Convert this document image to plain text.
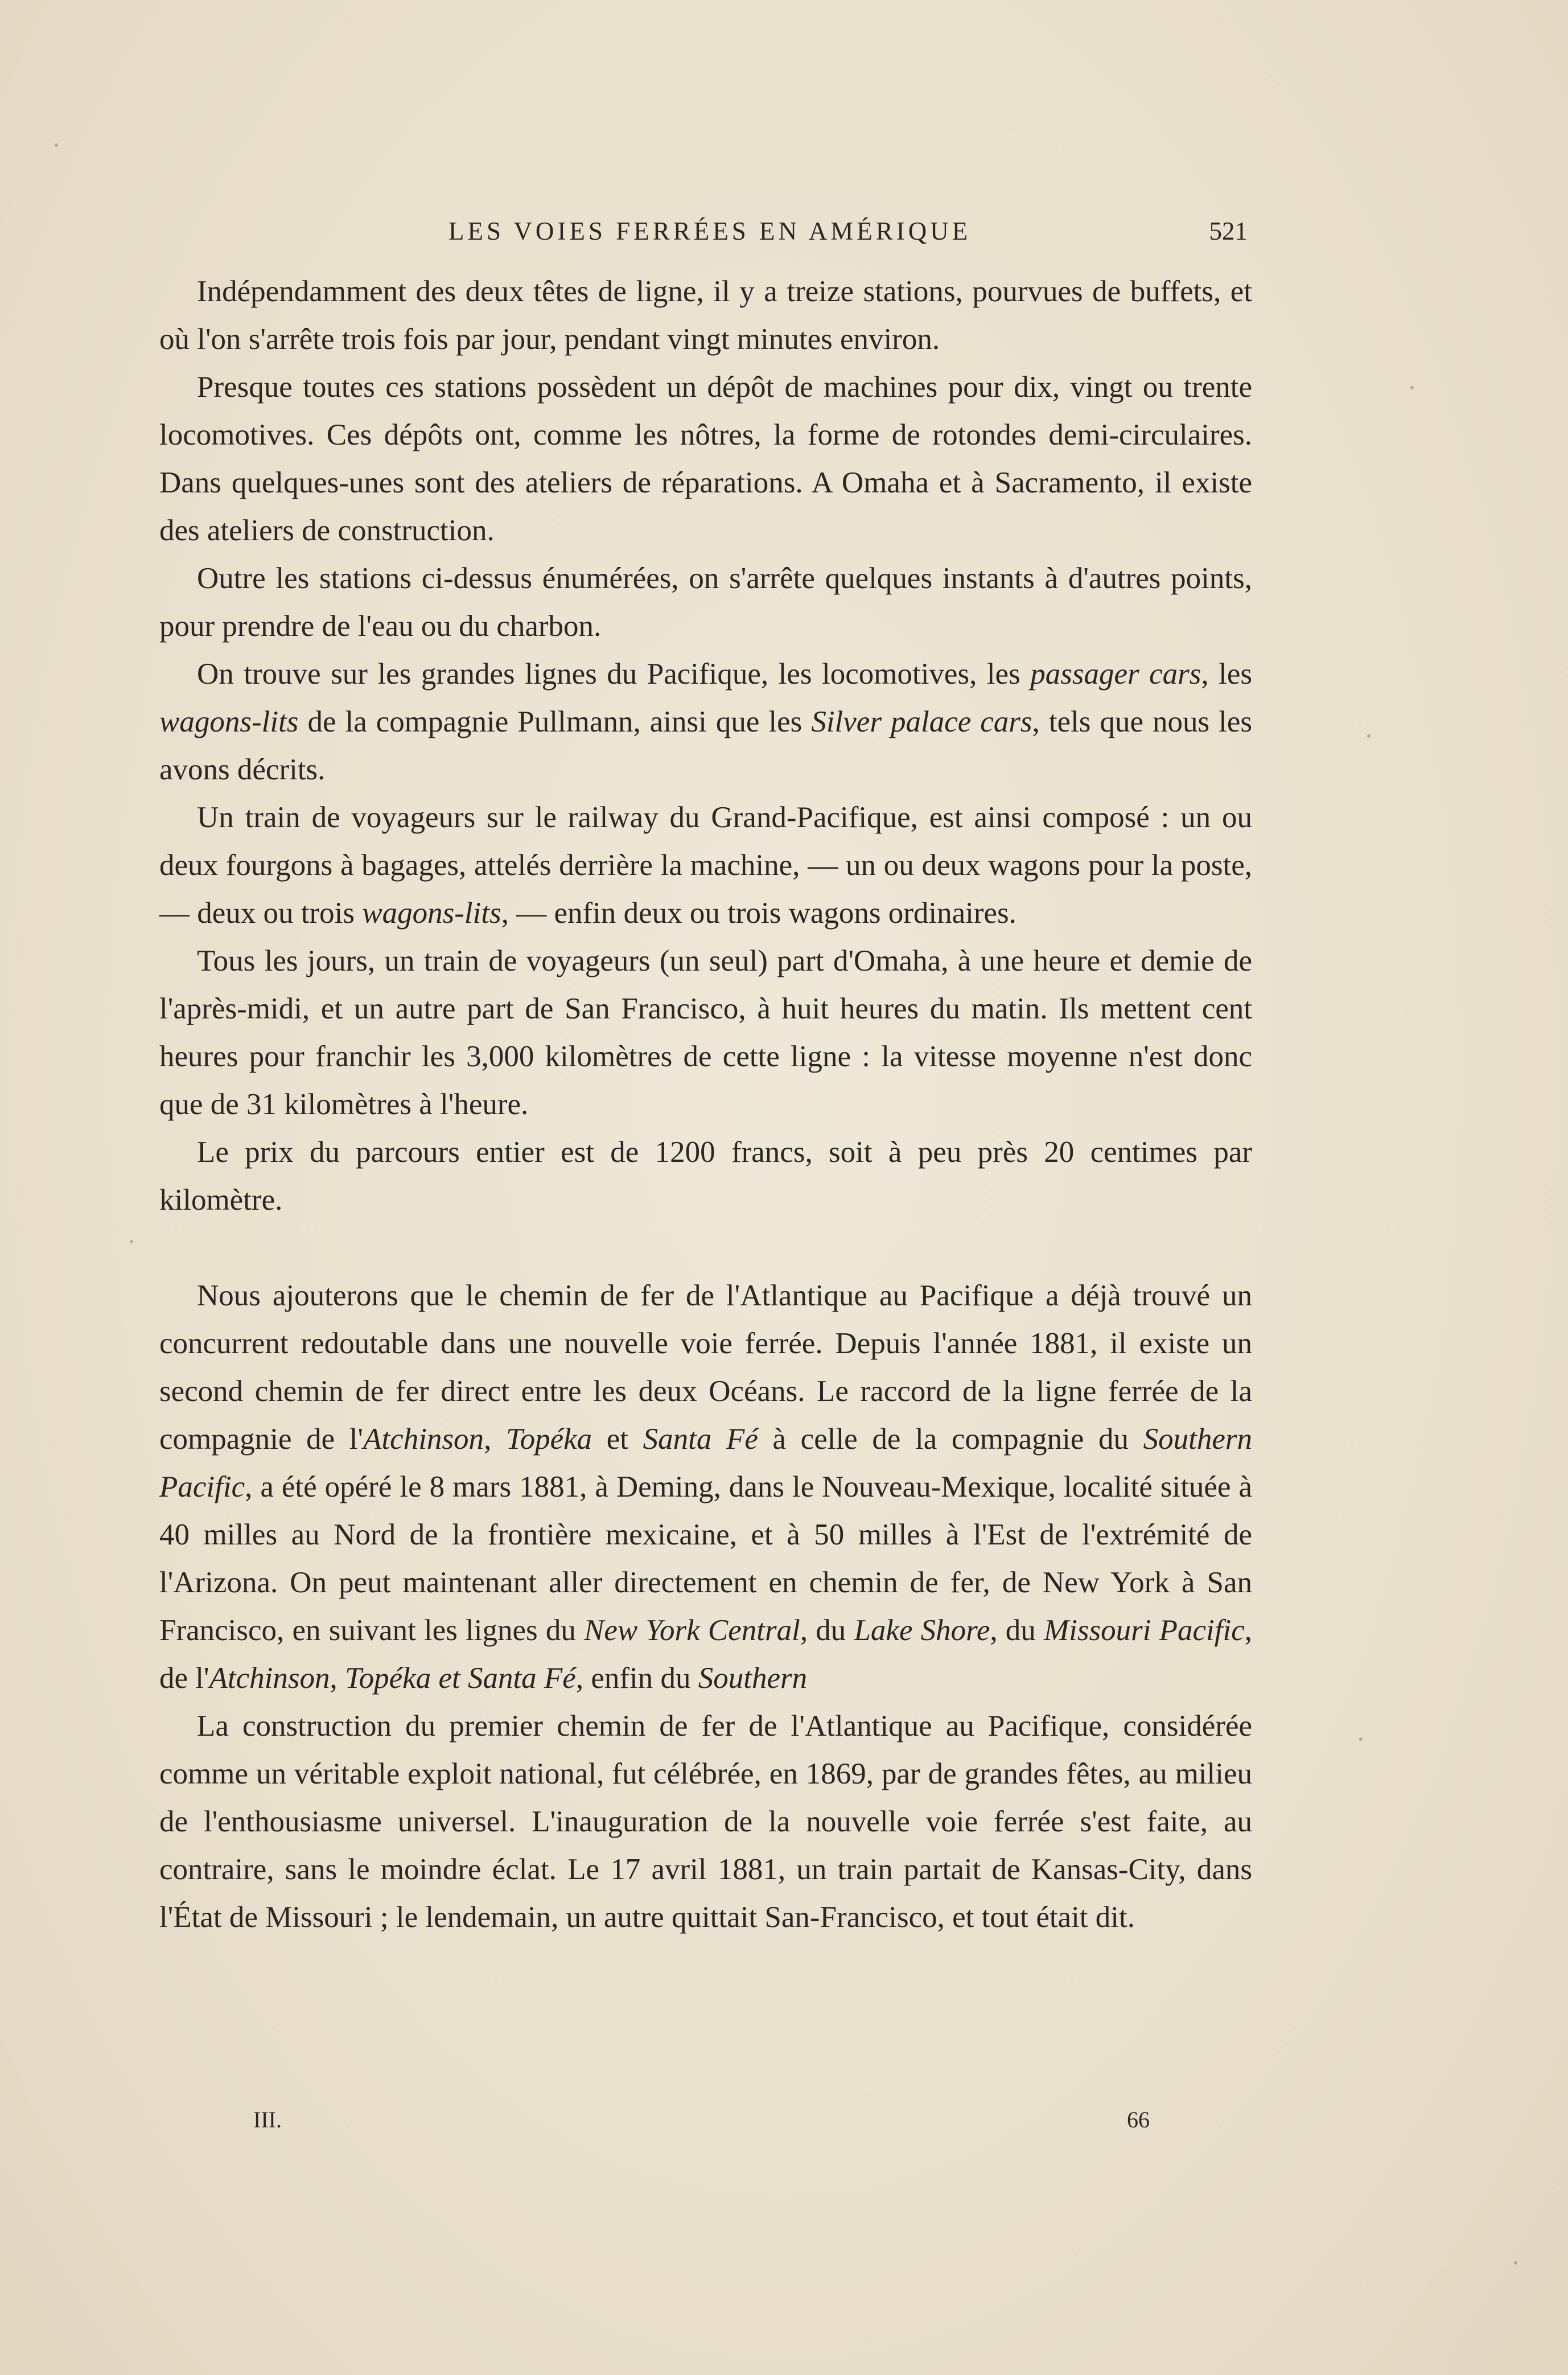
LES VOIES FERRÉES EN AMÉRIQUE	521

Indépendamment des deux têtes de ligne, il y a treize stations, pourvues de buffets, et où l'on s'arrête trois fois par jour, pendant vingt minutes environ.

Presque toutes ces stations possèdent un dépôt de machines pour dix, vingt ou trente locomotives. Ces dépôts ont, comme les nôtres, la forme de rotondes demi-circulaires. Dans quelques-unes sont des ateliers de réparations. A Omaha et à Sacramento, il existe des ateliers de construction.

Outre les stations ci-dessus énumérées, on s'arrête quelques instants à d'autres points, pour prendre de l'eau ou du charbon.

On trouve sur les grandes lignes du Pacifique, les locomotives, les passager cars, les wagons-lits de la compagnie Pullmann, ainsi que les Silver palace cars, tels que nous les avons décrits.

Un train de voyageurs sur le railway du Grand-Pacifique, est ainsi composé : un ou deux fourgons à bagages, attelés derrière la machine, — un ou deux wagons pour la poste, — deux ou trois wagons-lits, — enfin deux ou trois wagons ordinaires.

Tous les jours, un train de voyageurs (un seul) part d'Omaha, à une heure et demie de l'après-midi, et un autre part de San Francisco, à huit heures du matin. Ils mettent cent heures pour franchir les 3,000 kilomètres de cette ligne : la vitesse moyenne n'est donc que de 31 kilomètres à l'heure.

Le prix du parcours entier est de 1200 francs, soit à peu près 20 centimes par kilomètre.

Nous ajouterons que le chemin de fer de l'Atlantique au Pacifique a déjà trouvé un concurrent redoutable dans une nouvelle voie ferrée. Depuis l'année 1881, il existe un second chemin de fer direct entre les deux Océans. Le raccord de la ligne ferrée de la compagnie de l'Atchinson, Topéka et Santa Fé à celle de la compagnie du Southern Pacific, a été opéré le 8 mars 1881, à Deming, dans le Nouveau-Mexique, localité située à 40 milles au Nord de la frontière mexicaine, et à 50 milles à l'Est de l'extrémité de l'Arizona. On peut maintenant aller directement en chemin de fer, de New York à San Francisco, en suivant les lignes du New York Central, du Lake Shore, du Missouri Pacific, de l'Atchinson, Topéka et Santa Fé, enfin du Southern

La construction du premier chemin de fer de l'Atlantique au Pacifique, considérée comme un véritable exploit national, fut célébrée, en 1869, par de grandes fêtes, au milieu de l'enthousiasme universel. L'inauguration de la nouvelle voie ferrée s'est faite, au contraire, sans le moindre éclat. Le 17 avril 1881, un train partait de Kansas-City, dans l'État de Missouri ; le lendemain, un autre quittait San-Francisco, et tout était dit.

III.	66
